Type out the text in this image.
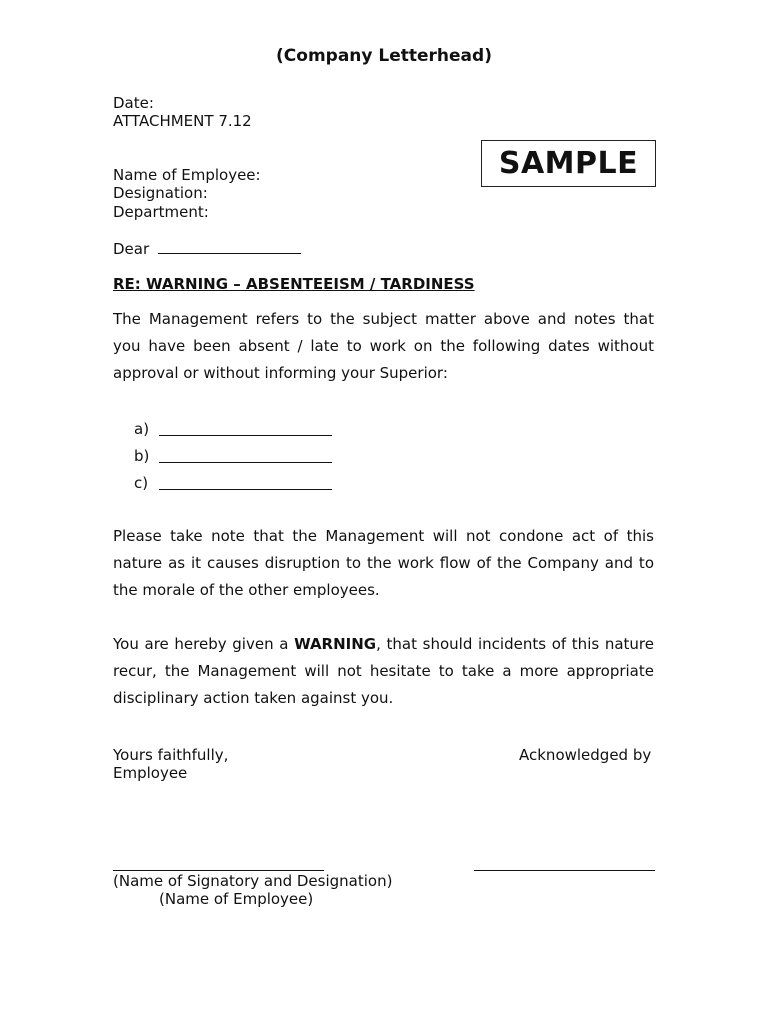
(Company Letterhead)
Date:
ATTACHMENT 7.12
SAMPLE
Name of Employee:
Designation:
Department:
Dear
RE: WARNING – ABSENTEEISM / TARDINESS
The Management refers to the subject matter above and notes that you have been absent / late to work on the following dates without approval or without informing your Superior:
a)
b)
c)
Please take note that the Management will not condone act of this nature as it causes disruption to the work flow of the Company and to the morale of the other employees.
You are hereby given a WARNING, that should incidents of this nature recur, the Management will not hesitate to take a more appropriate disciplinary action taken against you.
Yours faithfully,	Acknowledged by
Employee
(Name of Signatory and Designation)
(Name of Employee)
